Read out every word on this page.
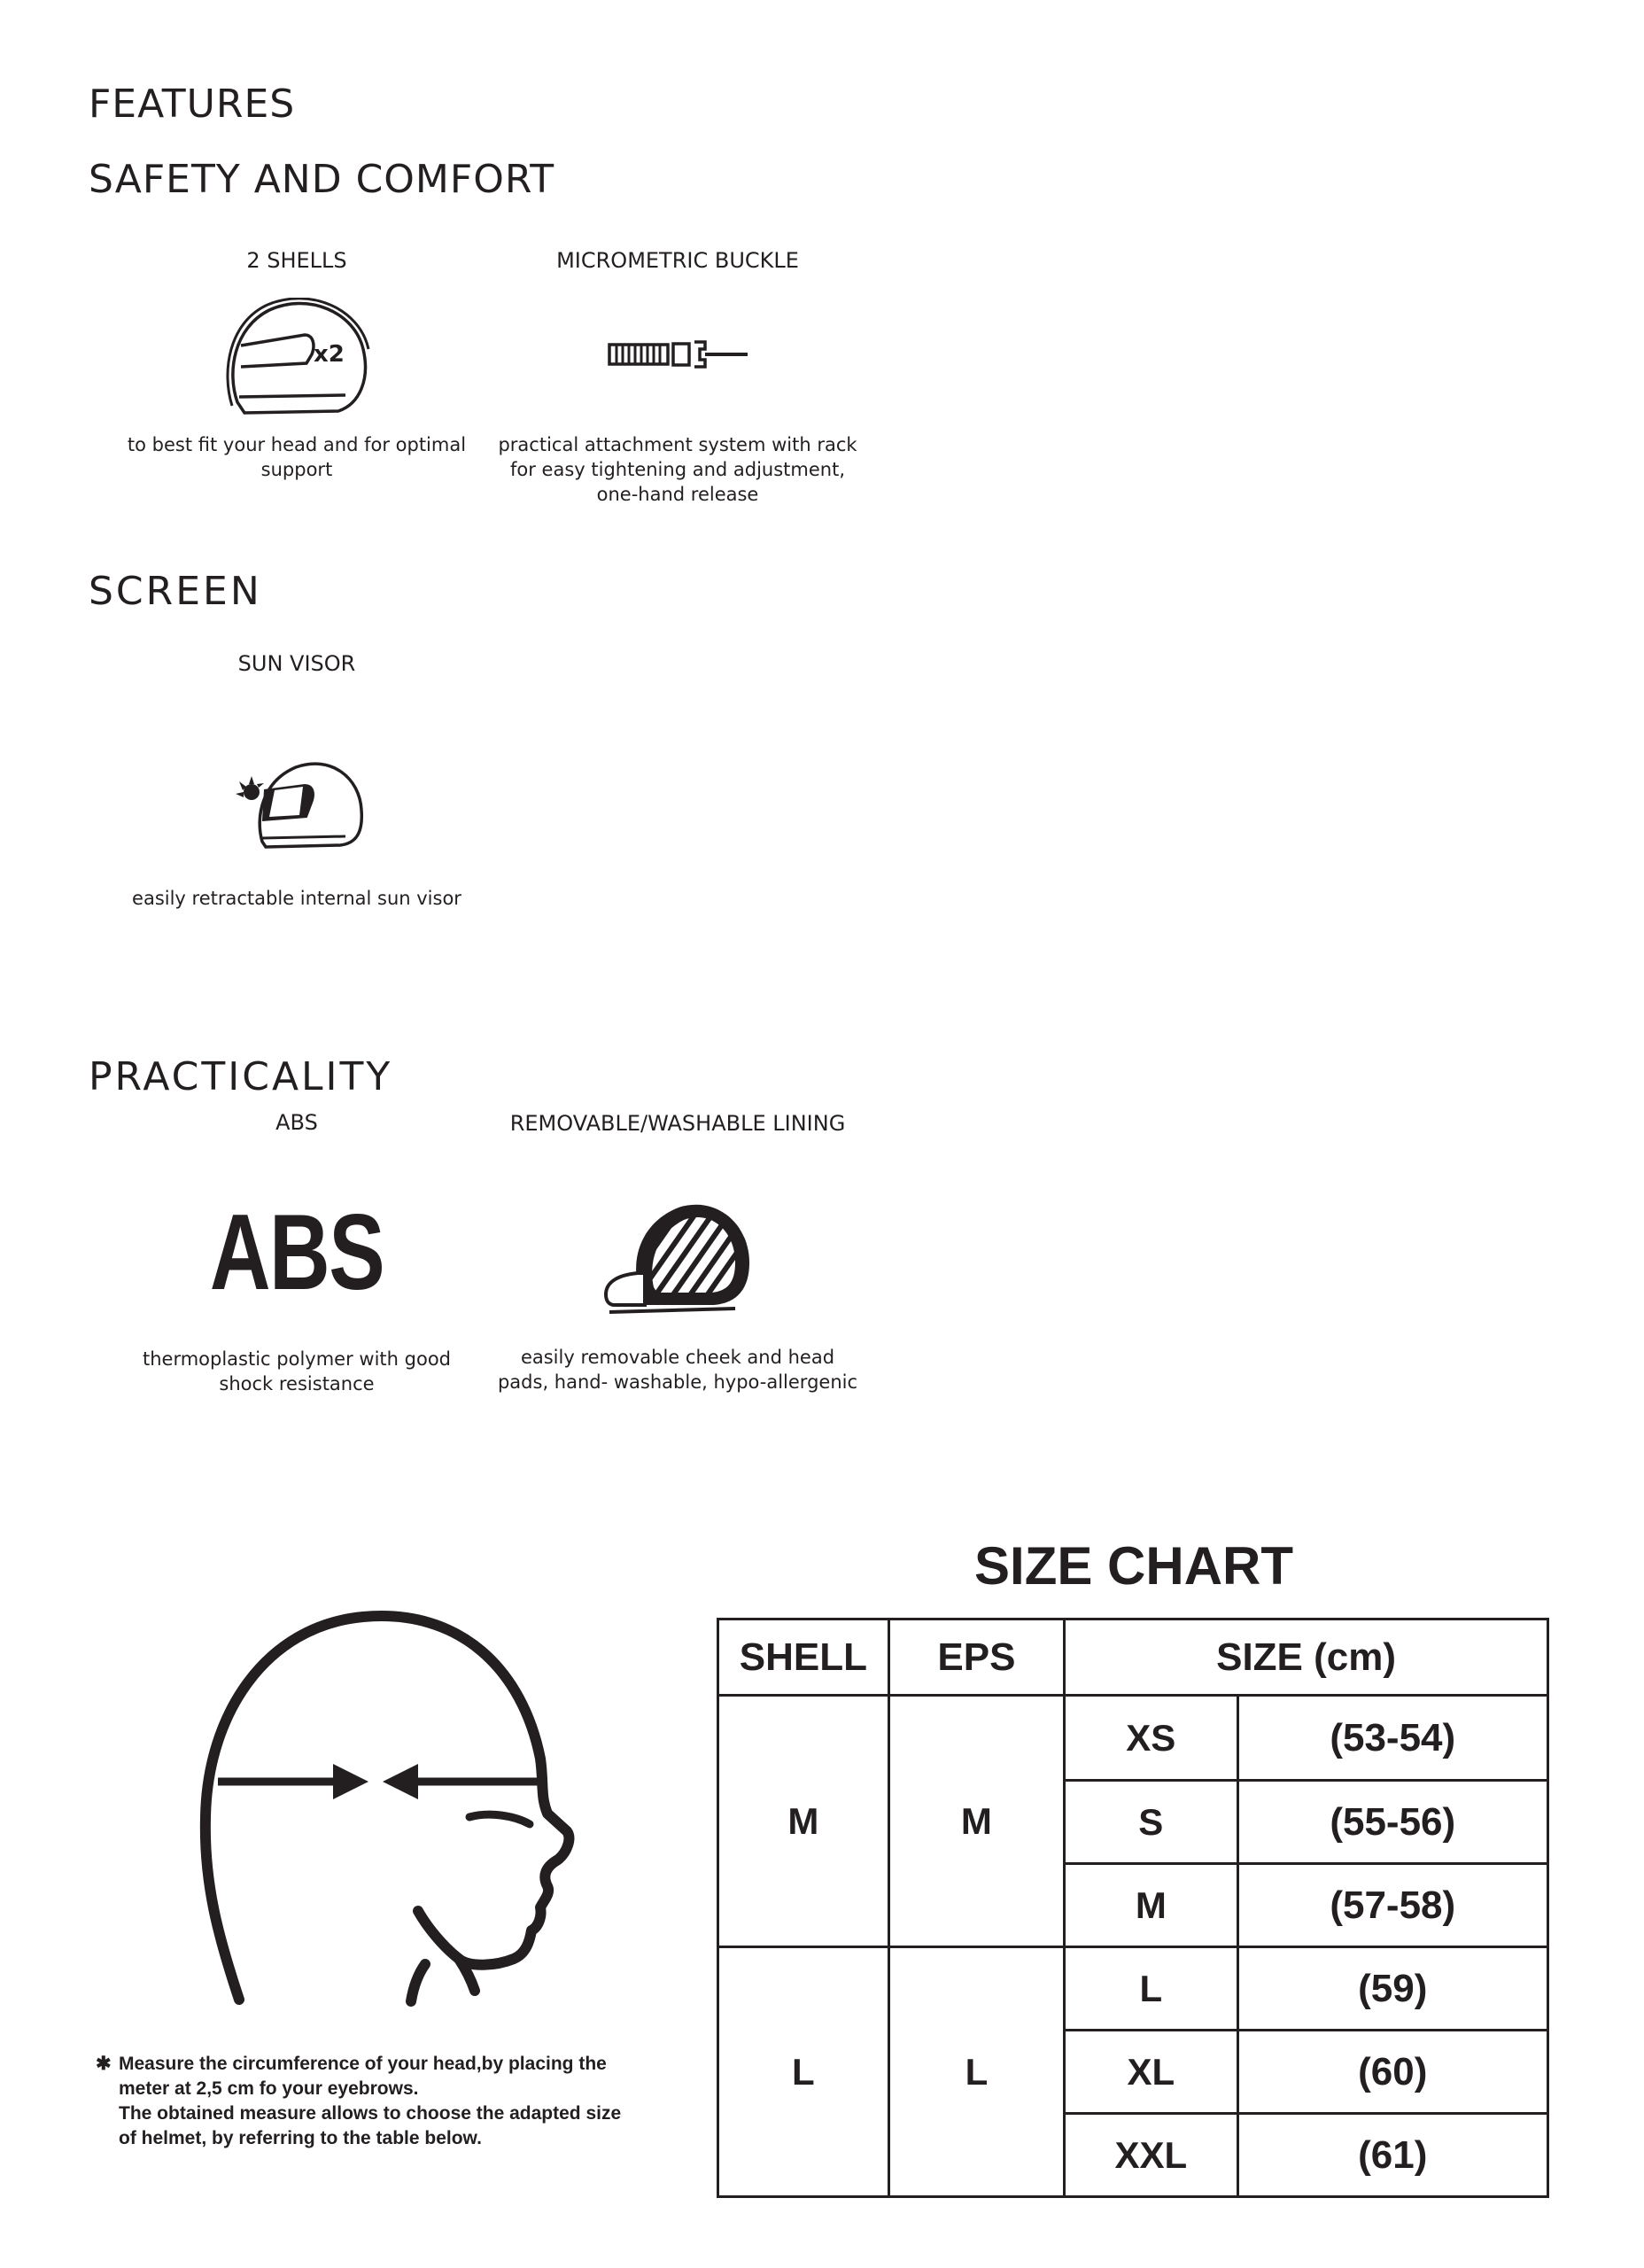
FEATURES
SAFETY AND COMFORT
SCREEN
PRACTICALITY
2 SHELLS
x2
to best fit your head and for optimal support
MICROMETRIC BUCKLE
practical attachment system with rack for easy tightening and adjustment, one-hand release
SUN VISOR
easily retractable internal sun visor
ABS
ABS
thermoplastic polymer with good shock resistance
REMOVABLE/WASHABLE LINING
easily removable cheek and head pads, hand- washable, hypo-allergenic
✱ Measure the circumference of your head,by placing the
meter at 2,5 cm fo your eyebrows.
The obtained measure allows to choose the adapted size
of helmet, by referring to the table below.
SIZE CHART
SHELL	EPS	SIZE (cm)	
M	M	XS	(53-54)
		S	(55-56)
		M	(57-58)
L	L	L	(59)
		XL	(60)
		XXL	(61)
